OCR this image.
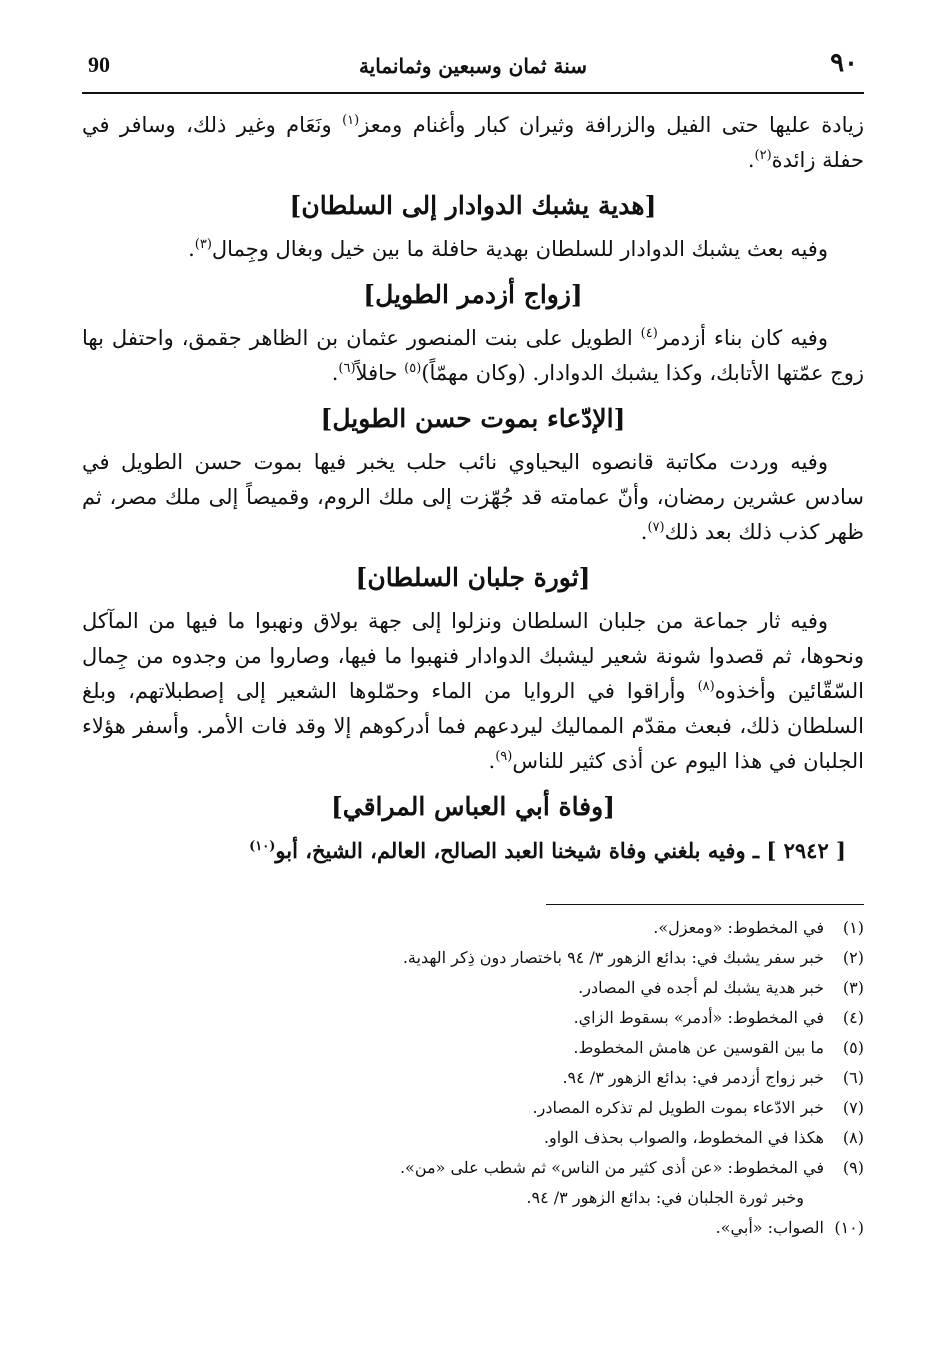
٩٠
سنة ثمان وسبعين وثمانماية
90

زيادة عليها حتى الفيل والزرافة وثيران كبار وأغنام ومعز$^{(١)}$ ونَعَام وغير ذلك، وسافر في حفلة زائدة$^{(٢)}$.

[هدية يشبك الدوادار إلى السلطان]

وفيه بعث يشبك الدوادار للسلطان بهدية حافلة ما بين خيل وبغال وجِمال$^{(٣)}$.

[زواج أزدمر الطويل]

وفيه كان بناء أزدمر$^{(٤)}$ الطويل على بنت المنصور عثمان بن الظاهر جقمق، واحتفل بها زوج عمّتها الأتابك، وكذا يشبك الدوادار. (وكان مهمّاً)$^{(٥)}$ حافلاً$^{(٦)}$.

[الإدّعاء بموت حسن الطويل]

وفيه وردت مكاتبة قانصوه اليحياوي نائب حلب يخبر فيها بموت حسن الطويل في سادس عشرين رمضان، وأنّ عمامته قد جُهّزت إلى ملك الروم، وقميصاً إلى ملك مصر، ثم ظهر كذب ذلك بعد ذلك$^{(٧)}$.

[ثورة جلبان السلطان]

وفيه ثار جماعة من جلبان السلطان ونزلوا إلى جهة بولاق ونهبوا ما فيها من المآكل ونحوها، ثم قصدوا شونة شعير ليشبك الدوادار فنهبوا ما فيها، وصاروا من وجدوه من جِمال السّقّائين وأخذوه$^{(٨)}$ وأراقوا في الروايا من الماء وحمّلوها الشعير إلى إصطبلاتهم، وبلغ السلطان ذلك، فبعث مقدّم المماليك ليردعهم فما أدركوهم إلا وقد فات الأمر. وأسفر هؤلاء الجلبان في هذا اليوم عن أذى كثير للناس$^{(٩)}$.

[وفاة أبي العباس المراقي]

[ ٢٩٤٢ ] ـ وفيه بلغني وفاة شيخنا العبد الصالح، العالم، الشيخ، أبو$^{(١٠)}$

(١)
في المخطوط: «ومعزل».
(٢)
خبر سفر يشبك في: بدائع الزهور ٣/ ٩٤ باختصار دون ذِكر الهدية.
(٣)
خبر هدية يشبك لم أجده في المصادر.
(٤)
في المخطوط: «أدمر» بسقوط الزاي.
(٥)
ما بين القوسين عن هامش المخطوط.
(٦)
خبر زواج أزدمر في: بدائع الزهور ٣/ ٩٤.
(٧)
خبر الادّعاء بموت الطويل لم تذكره المصادر.
(٨)
هكذا في المخطوط، والصواب بحذف الواو.
(٩)
في المخطوط: «عن أذى كثير من الناس» ثم شطب على «من».
وخبر ثورة الجلبان في: بدائع الزهور ٣/ ٩٤.
(١٠)
الصواب: «أبي».
